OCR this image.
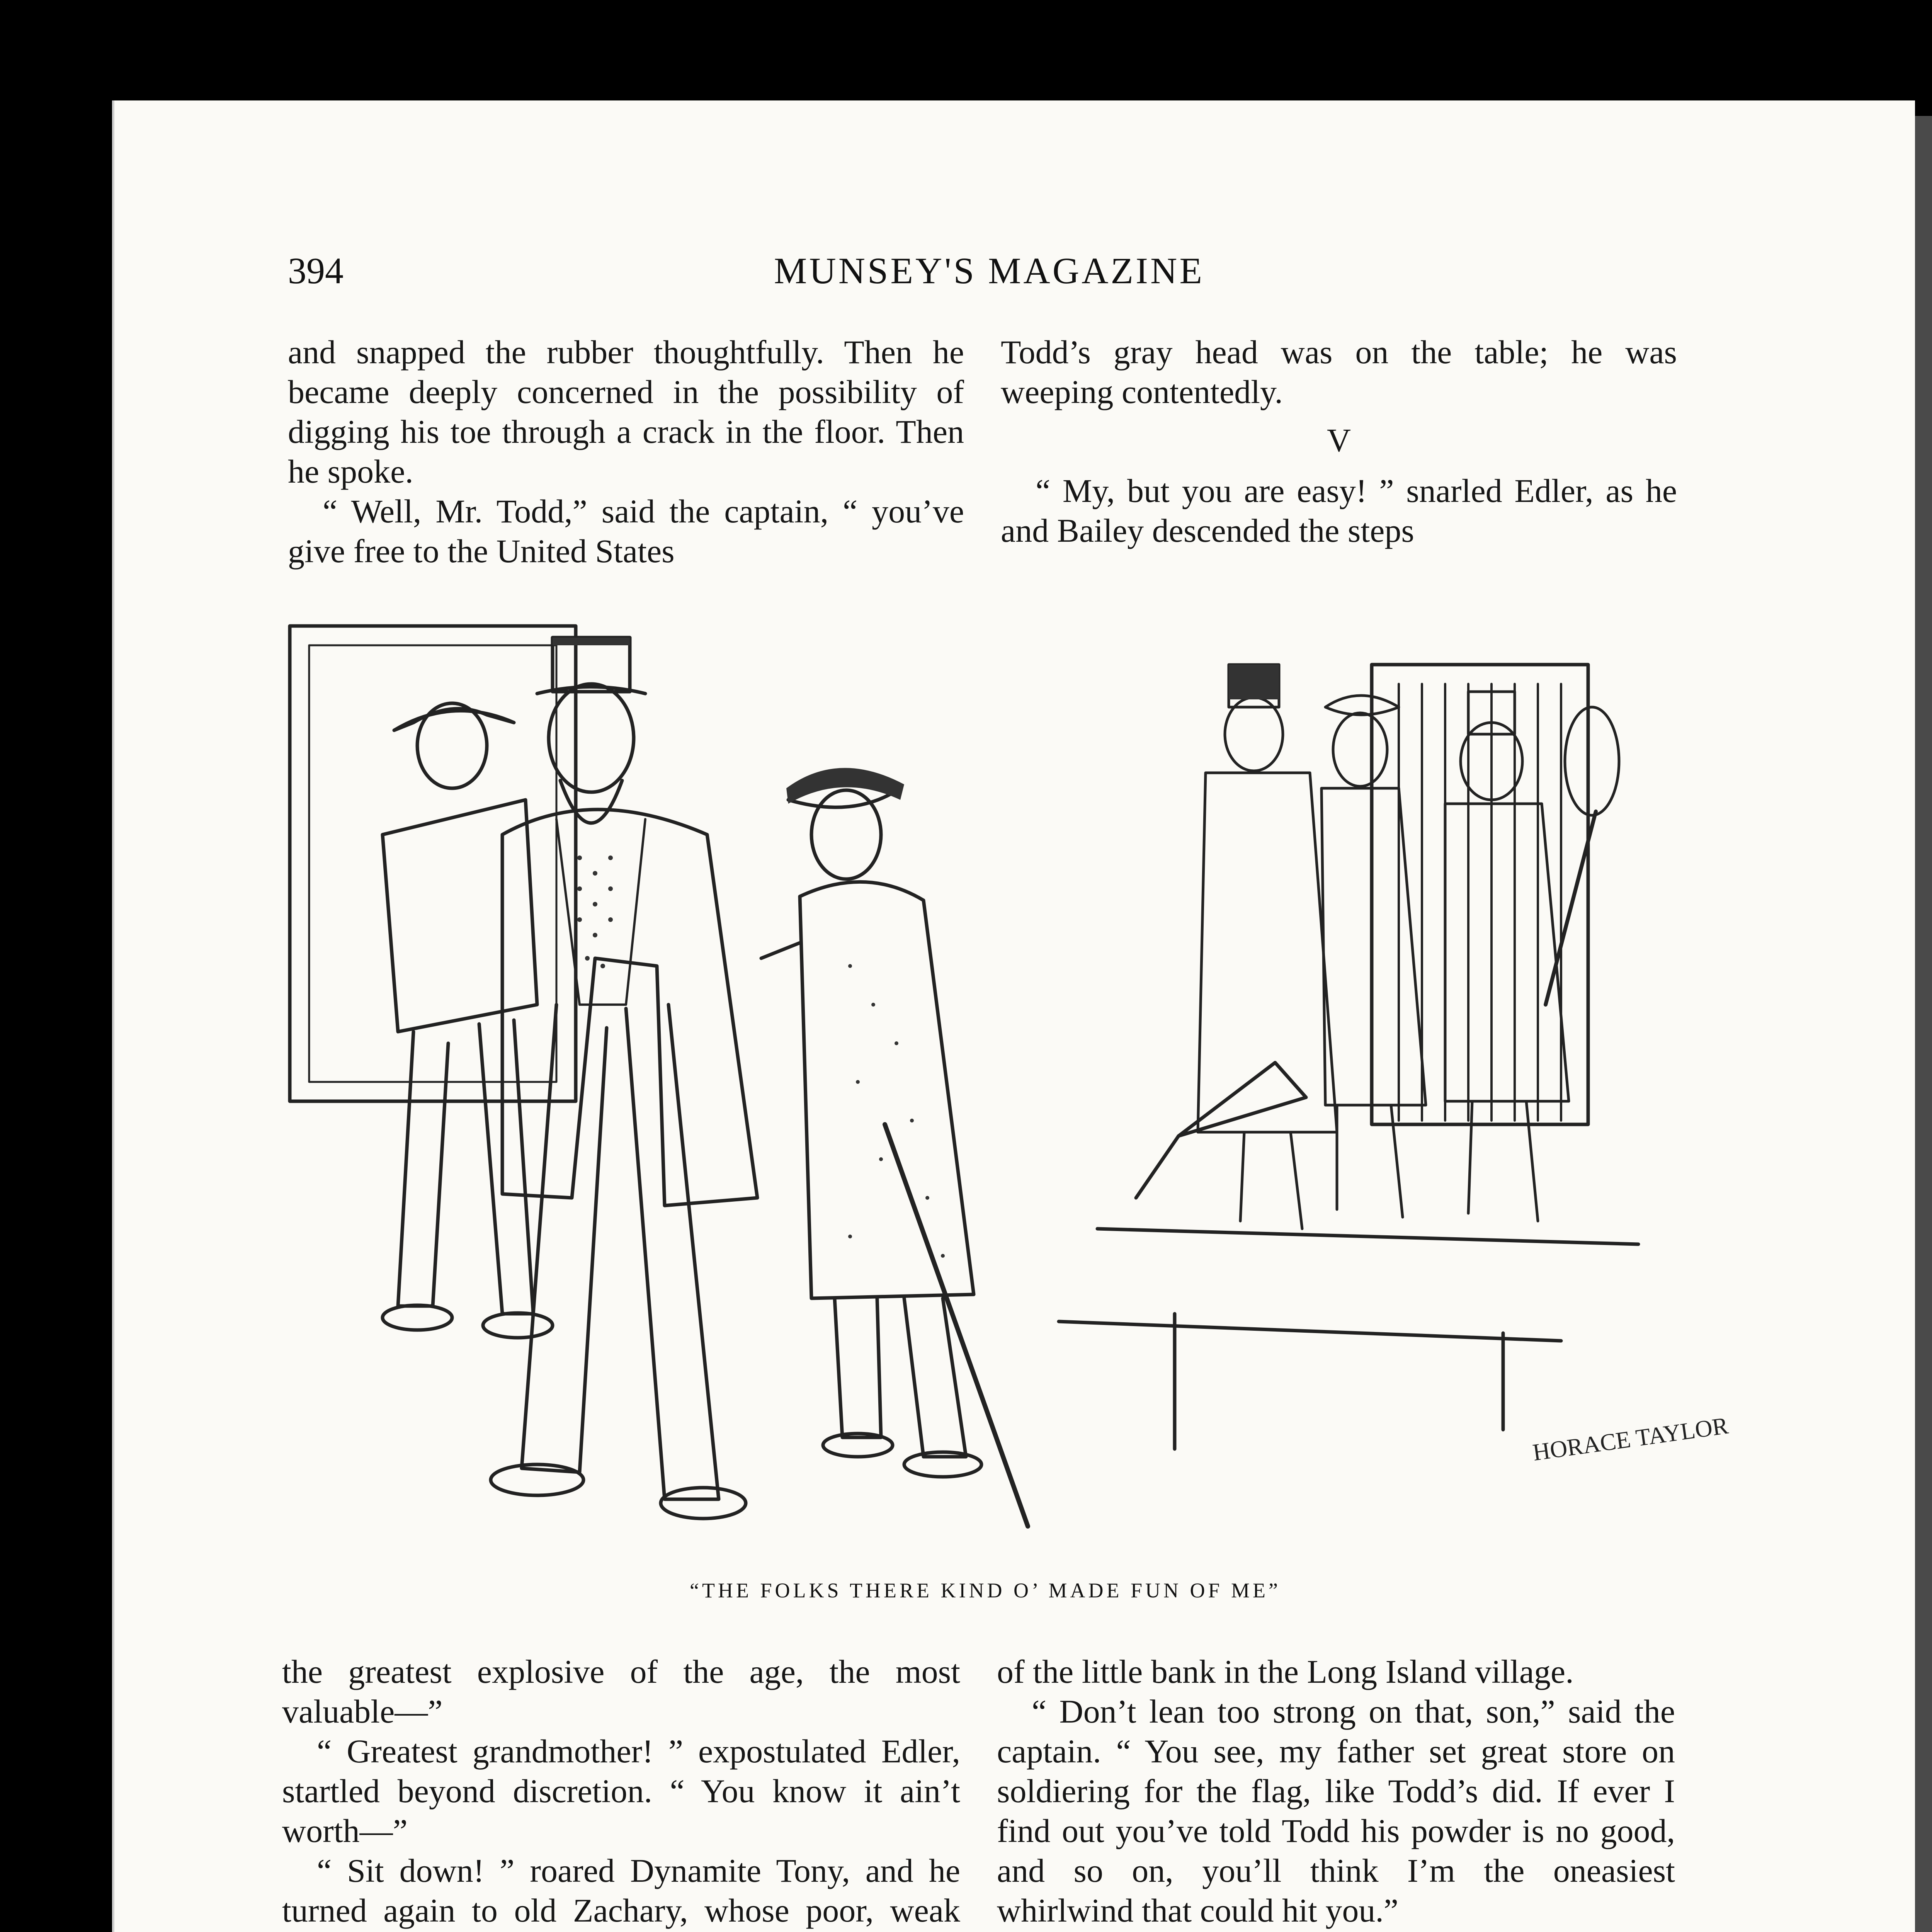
394	MUNSEY'S MAGAZINE

and snapped the rubber thoughtfully. Then he became deeply concerned in the possibility of digging his toe through a crack in the floor. Then he spoke.

“ Well, Mr. Todd,” said the captain, “ you’ve give free to the United States

Todd’s gray head was on the table; he was weeping contentedly.

V

“ My, but you are easy! ” snarled Edler, as he and Bailey descended the steps

HORACE TAYLOR
“THE FOLKS THERE KIND O’ MADE FUN OF ME”

the greatest explosive of the age, the most valuable—”

“ Greatest grandmother! ” expostulated Edler, startled beyond discretion. “ You know it ain’t worth—”

“ Sit down! ” roared Dynamite Tony, and he turned again to old Zachary, whose poor, weak

of the little bank in the Long Island village.

“ Don’t lean too strong on that, son,” said the captain. “ You see, my father set great store on soldiering for the flag, like Todd’s did. If ever I find out you’ve told Todd his powder is no good, and so on, you’ll think I’m the oneasiest whirlwind that could hit you.”
